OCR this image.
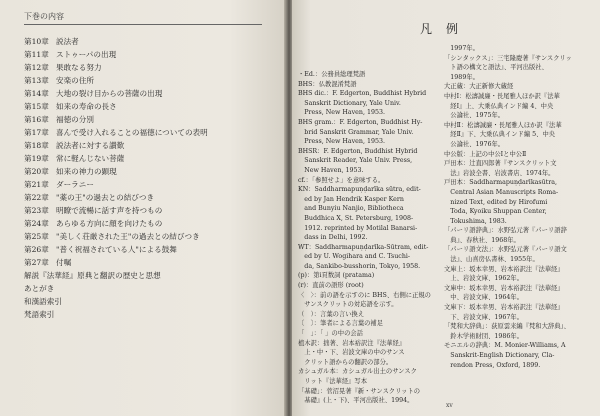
下巻の内容
第10章 説法者
第11章 ストゥーパの出現
第12章 果敢なる努力
第13章 安楽の住所
第14章 大地の裂け目からの菩薩の出現
第15章 如来の寿命の長さ
第16章 福徳の分別
第17章 喜んで受け入れることの福徳についての表明
第18章 説法者に対する讃歎
第19章 常に軽んじない菩薩
第20章 如来の神力の顕現
第21章 ダーラニー
第22章 "薬の王"の過去との結びつき
第23章 明瞭で流暢に話す声を持つもの
第24章 あらゆる方向に顔を向けたもの
第25章 "美しく荘厳された王"の過去との結びつき
第26章 "普く祝福されている人"による鼓舞
第27章 付嘱
解説『法華経』原典と翻訳の歴史と思想
あとがき
和漢語索引
梵語索引
凡例
・Ed.：公務員総理梵語
BHS：仏教混淆梵語
BHS dic.：F. Edgerton, Buddhist Hybrid
　Sanskrit Dictionary, Yale Univ.
　Press, New Haven, 1953.
BHS gram.：F. Edgerton, Buddhist Hy-
　brid Sanskrit Grammar, Yale Univ.
　Press, New Haven, 1953.
BHSR：F. Edgerton, Buddhist Hybrid
　Sanskrit Reader, Yale Univ. Press,
　New Haven, 1953.
cf.：「参照せよ」を意味する。
KN：Saddharmapuṇḍarīka sūtra, edit-
　ed by Jan Hendrik Kasper Kern
　and Bunyiu Nanjio, Bibliotheca
　Buddhica X, St. Petersburg, 1908-
　1912. reprinted by Motilal Banarsi-
　dass in Delhi, 1992.
WT：Saddharmapuṇḍarīka-Sūtram, edit-
　ed by U. Wogihara and C. Tsuchi-
　da, Sankibo-busshorin, Tokyo, 1958.
(p)：第ⅰ頁数詞 (pratama)
(r)：直前の語形 (root)
〈　〉：前の語を示すのに BHS、右側に正規の
　サンスクリットの対応語を示す。
（　）：言葉の言い換え
〔　〕：筆者による言葉の補足
「　」：「 」の中の会話
植木訳：拙著、岩本裕訳注『法華経』
　上・中・下、岩波文庫の中のサンス
　クリット語からの翻訳の部分。
カシュガル本：カシュガル出土のサンスク
　リット『法華経』写本
「基礎」：菅沼晃著『新・サンスクリットの
　基礎』(上・下)、平河出版社、1994。
　1997年。
「シンタックス」：三宅隆慶著『サンスクリッ
　ト語の構文と語法』、平河出版社、
　1989年。
大正蔵：大正新修大蔵経
中村Ⅰ：松濤誠廉・長尾雅人ほか訳『法華
　経Ⅰ』上、大乗仏典インド編 4、中央
　公論社、1975年。
中村Ⅱ：松濤誠廉・長尾雅人ほか訳『法華
　経Ⅱ』下、大乗仏典インド編 5、中央
　公論社、1976年。
中公版：上記の中公Ⅰと中公Ⅱ
戸田本：辻直四郎著『サンスクリット文
　法』岩波全書、岩波書店、1974年。
戸田本：Saddharmapuṇḍarīkasūtra,
　Central Asian Manuscripts Roma-
　nized Text, edited by Hirofumi
　Toda, Kyoiku Shuppan Center,
　Tokushima, 1983.
「パーリ語辞典」：水野弘元著『パーリ語辞
　典』、春秋社、1968年。
「パーリ語文法」：水野弘元著『パーリ語文
　法』、山喜房仏書林、1955年。
文庫上：坂本幸男、岩本裕訳注『法華経』
　上、岩波文庫、1962年。
文庫中：坂本幸男、岩本裕訳注『法華経』
　中、岩波文庫、1964年。
文庫下：坂本幸男、岩本裕訳注『法華経』
　下、岩波文庫、1967年。
「梵和大辞典」：荻原雲来編『梵和大辞典』、
　鈴木学術財団、1986年。
モニエルの辞典：M. Monier-Williams, A
　Sanskrit-English Dictionary, Cla-
　rendon Press, Oxford, 1899.
xv
